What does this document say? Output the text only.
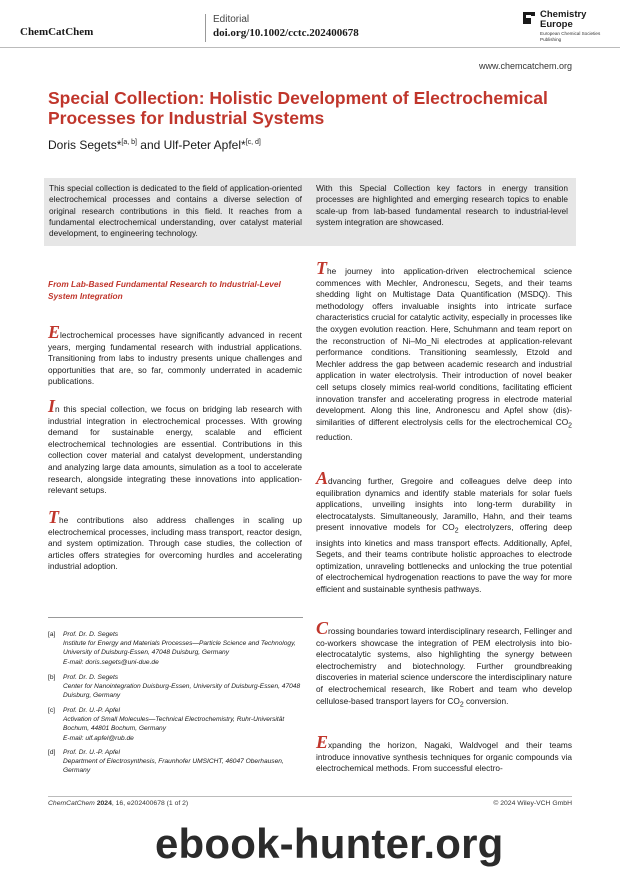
ChemCatChem
Editorial
doi.org/10.1002/cctc.202400678
Chemistry Europe
European Chemical Societies Publishing
www.chemcatchem.org
Special Collection: Holistic Development of Electrochemical Processes for Industrial Systems
Doris Segets*[a, b] and Ulf-Peter Apfel*[c, d]
This special collection is dedicated to the field of application-oriented electrochemical processes and contains a diverse selection of original research contributions in this field. It reaches from a fundamental electrochemical understanding, over catalyst material development, to engineering technology.
With this Special Collection key factors in energy transition processes are highlighted and emerging research topics to enable scale-up from lab-based fundamental research to industrial-level system integration are showcased.
From Lab-Based Fundamental Research to Industrial-Level System Integration

Electrochemical processes have significantly advanced in recent years, merging fundamental research with industrial applications. Transitioning from labs to industry presents unique challenges and opportunities that are, so far, commonly underrated in academic publications.

In this special collection, we focus on bridging lab research with industrial integration in electrochemical processes. With growing demand for sustainable energy, scalable and efficient electrochemical technologies are essential. Contributions in this collection cover material and catalyst development, understanding and analyzing large data amounts, simulation as a tool to accelerate research, alongside integrating these innovations into application-relevant setups.

The contributions also address challenges in scaling up electrochemical processes, including mass transport, reactor design, and system optimization. Through case studies, the collection of articles offers strategies for overcoming hurdles and accelerating industrial adoption.

[a] Prof. Dr. D. Segets
Institute for Energy and Materials Processes—Particle Science and Technology, University of Duisburg-Essen, 47048 Duisburg, Germany
E-mail: doris.segets@uni-due.de
[b] Prof. Dr. D. Segets
Center for Nanointegration Duisburg-Essen, University of Duisburg-Essen, 47048 Duisburg, Germany
[c] Prof. Dr. U.-P. Apfel
Activation of Small Molecules—Technical Electrochemistry, Ruhr-Universität Bochum, 44801 Bochum, Germany
E-mail: ulf.apfel@rub.de
[d] Prof. Dr. U.-P. Apfel
Department of Electrosynthesis, Fraunhofer UMSICHT, 46047 Oberhausen, Germany

The journey into application-driven electrochemical science commences with Mechler, Andronescu, Segets, and their teams shedding light on Multistage Data Quantification (MSDQ). This methodology offers invaluable insights into intricate surface characteristics crucial for catalytic activity, especially in processes like the oxygen evolution reaction. Here, Schuhmann and team report on the reconstruction of Ni–Mo_Ni electrodes at application-relevant performance conditions. Transitioning seamlessly, Etzold and Mechler address the gap between academic research and industrial application in water electrolysis. Their introduction of novel beaker cell setups closely mimics real-world conditions, facilitating efficient innovation transfer and accelerating progress in electrode material development. Along this line, Andronescu and Apfel show (dis)-similarities of different electrolysis cells for the electrochemical $CO_2$ reduction.

Advancing further, Gregoire and colleagues delve deep into equilibration dynamics and identify stable materials for solar fuels applications, unveiling insights into long-term durability in electrocatalysts. Simultaneously, Jaramillo, Hahn, and their teams present innovative models for $CO_2$ electrolyzers, offering deep insights into kinetics and mass transport effects. Additionally, Apfel, Segets, and their teams contribute holistic approaches to electrode optimization, unraveling bottlenecks and unlocking the true potential of electrochemical hydrogenation reactions to pave the way for more efficient and sustainable synthesis pathways.

Crossing boundaries toward interdisciplinary research, Fellinger and co-workers showcase the integration of PEM electrolysis into bio-electrocatalytic systems, also highlighting the synergy between electrochemistry and biotechnology. Further groundbreaking discoveries in material science underscore the interdisciplinary nature of electrochemical research, like Robert and team who develop cellulose-based transport layers for $CO_2$ conversion.

Expanding the horizon, Nagaki, Waldvogel and their teams introduce innovative synthesis techniques for organic compounds via electrochemical methods. From successful electro-

ChemCatChem 2024, 16, e202400678 (1 of 2)	© 2024 Wiley-VCH GmbH
ebook-hunter.org
